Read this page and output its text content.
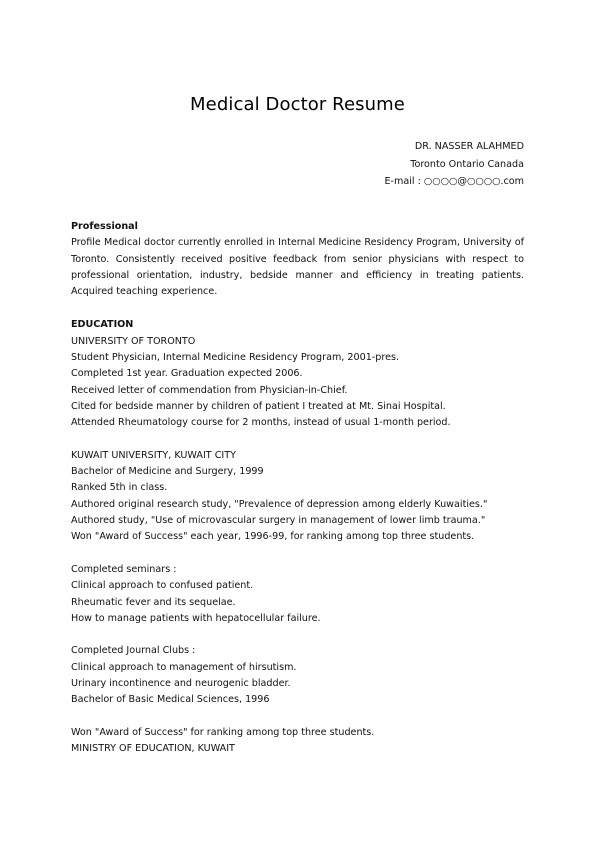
Medical Doctor Resume
DR. NASSER ALAHMED
Toronto Ontario Canada
E-mail : ○○○○@○○○○.com

Professional

Profile Medical doctor currently enrolled in Internal Medicine Residency Program, University of Toronto. Consistently received positive feedback from senior physicians with respect to professional orientation, industry, bedside manner and efficiency in treating patients. Acquired teaching experience.

EDUCATION

UNIVERSITY OF TORONTO

Student Physician, Internal Medicine Residency Program, 2001-pres.

Completed 1st year. Graduation expected 2006.

Received letter of commendation from Physician-in-Chief.

Cited for bedside manner by children of patient I treated at Mt. Sinai Hospital.

Attended Rheumatology course for 2 months, instead of usual 1-month period.

KUWAIT UNIVERSITY, KUWAIT CITY

Bachelor of Medicine and Surgery, 1999

Ranked 5th in class.

Authored original research study, "Prevalence of depression among elderly Kuwaities."

Authored study, "Use of microvascular surgery in management of lower limb trauma."

Won "Award of Success" each year, 1996-99, for ranking among top three students.

Completed seminars :

Clinical approach to confused patient.

Rheumatic fever and its sequelae.

How to manage patients with hepatocellular failure.

Completed Journal Clubs :

Clinical approach to management of hirsutism.

Urinary incontinence and neurogenic bladder.

Bachelor of Basic Medical Sciences, 1996

Won "Award of Success" for ranking among top three students.

MINISTRY OF EDUCATION, KUWAIT
